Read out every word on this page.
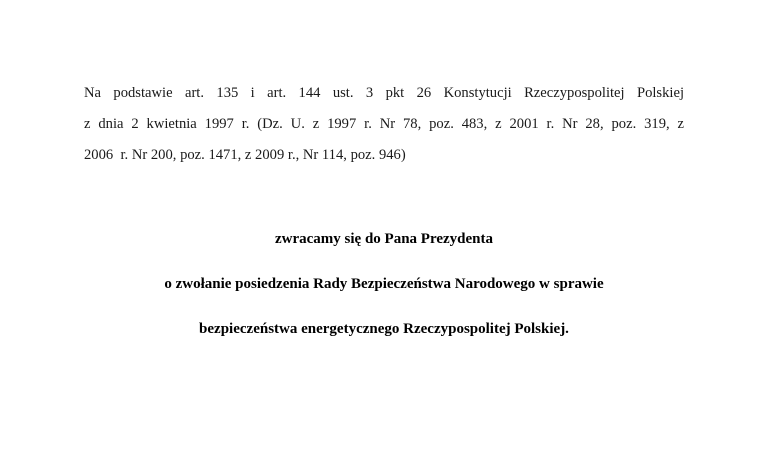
Na podstawie art. 135 i art. 144 ust. 3 pkt 26 Konstytucji Rzeczypospolitej Polskiej
z dnia 2 kwietnia 1997 r. (Dz. U. z 1997 r. Nr 78, poz. 483, z 2001 r. Nr 28, poz. 319, z
2006  r. Nr 200, poz. 1471, z 2009 r., Nr 114, poz. 946)
zwracamy się do Pana Prezydenta
o zwołanie posiedzenia Rady Bezpieczeństwa Narodowego w sprawie
bezpieczeństwa energetycznego Rzeczypospolitej Polskiej.
